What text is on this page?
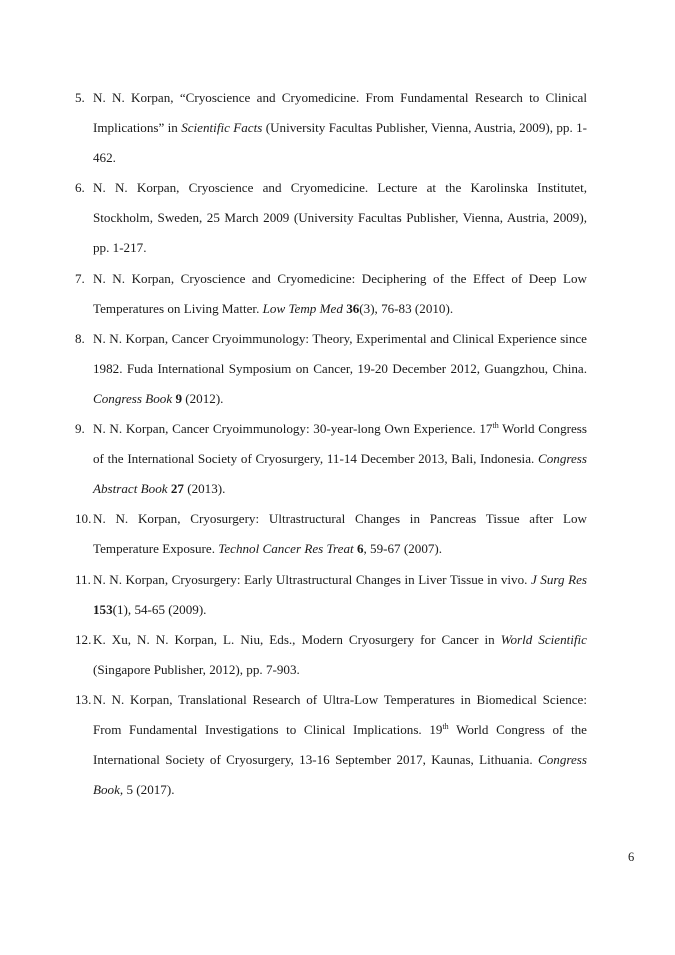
5. N. N. Korpan, “Cryoscience and Cryomedicine. From Fundamental Research to Clinical Implications” in Scientific Facts (University Facultas Publisher, Vienna, Austria, 2009), pp. 1-462.
6. N. N. Korpan, Cryoscience and Cryomedicine. Lecture at the Karolinska Institutet, Stockholm, Sweden, 25 March 2009 (University Facultas Publisher, Vienna, Austria, 2009), pp. 1-217.
7. N. N. Korpan, Cryoscience and Cryomedicine: Deciphering of the Effect of Deep Low Temperatures on Living Matter. Low Temp Med 36(3), 76-83 (2010).
8. N. N. Korpan, Cancer Cryoimmunology: Theory, Experimental and Clinical Experience since 1982. Fuda International Symposium on Cancer, 19-20 December 2012, Guangzhou, China. Congress Book 9 (2012).
9. N. N. Korpan, Cancer Cryoimmunology: 30-year-long Own Experience. 17th World Congress of the International Society of Cryosurgery, 11-14 December 2013, Bali, Indonesia. Congress Abstract Book 27 (2013).
10. N. N. Korpan, Cryosurgery: Ultrastructural Changes in Pancreas Tissue after Low Temperature Exposure. Technol Cancer Res Treat 6, 59-67 (2007).
11. N. N. Korpan, Cryosurgery: Early Ultrastructural Changes in Liver Tissue in vivo. J Surg Res 153(1), 54-65 (2009).
12. K. Xu, N. N. Korpan, L. Niu, Eds., Modern Cryosurgery for Cancer in World Scientific (Singapore Publisher, 2012), pp. 7-903.
13. N. N. Korpan, Translational Research of Ultra-Low Temperatures in Biomedical Science: From Fundamental Investigations to Clinical Implications. 19th World Congress of the International Society of Cryosurgery, 13-16 September 2017, Kaunas, Lithuania. Congress Book, 5 (2017).
6
